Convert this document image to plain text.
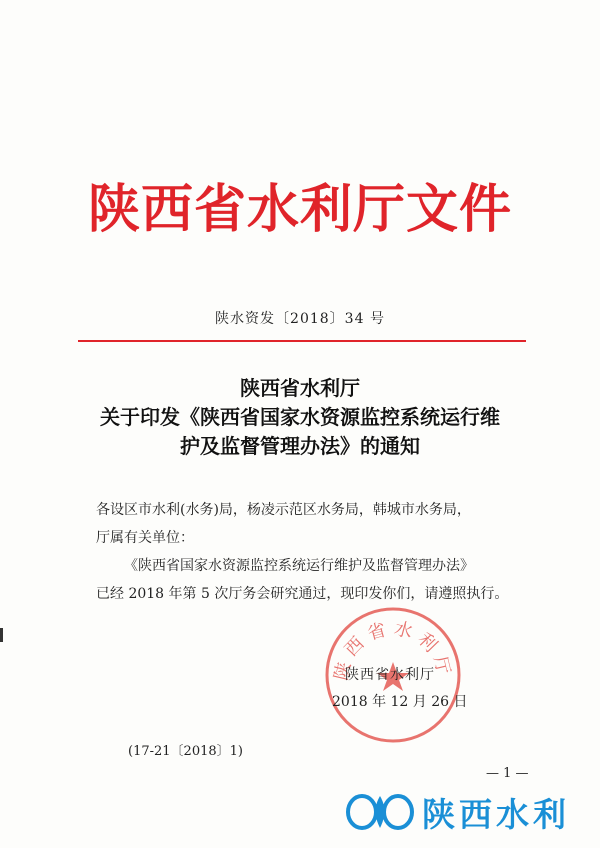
陕西省水利厅文件
陕水资发〔2018〕34 号
陕西省水利厅
关于印发《陕西省国家水资源监控系统运行维
护及监督管理办法》的通知

各设区市水利(水务)局，杨凌示范区水务局，韩城市水务局，

厅属有关单位：

《陕西省国家水资源监控系统运行维护及监督管理办法》

已经 2018 年第 5 次厅务会研究通过，现印发你们，请遵照执行。

陕西省水利厅
陕西省水利厅
2018 年 12 月 26 日
(17-21〔2018〕1)
— 1 —
陕西水利
